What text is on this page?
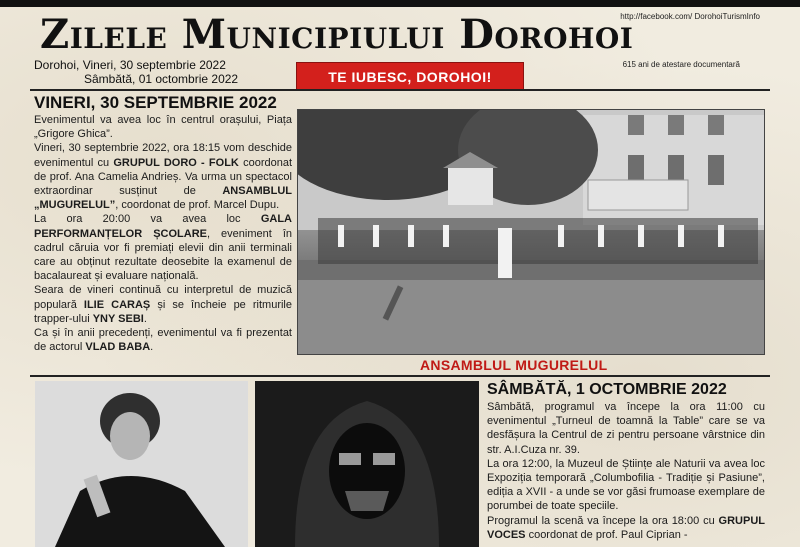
Zilele Municipiului Dorohoi
http://facebook.com/ DorohoiTurismInfo
615 ani de atestare documentară
Dorohoi, Vineri, 30 septembrie 2022
Sâmbătă, 01 octombrie 2022	TE IUBESC, DOROHOI!
VINERI, 30 SEPTEMBRIE 2022

Evenimentul va avea loc în centrul orașului, Piața „Grigore Ghica”.

Vineri, 30 septembrie 2022, ora 18:15 vom deschide evenimentul cu GRUPUL DORO - FOLK coordonat de prof. Ana Camelia Andrieș. Va urma un spectacol extraordinar susținut de ANSAMBLUL „MUGURELUL”, coordonat de prof. Marcel Dupu.

La ora 20:00 va avea loc GALA PERFORMANȚELOR ȘCOLARE, eveniment în cadrul căruia vor fi premiați elevii din anii terminali care au obținut rezultate deosebite la examenul de bacalaureat și evaluare națională.

Seara de vineri continuă cu interpretul de muzică populară ILIE CARAȘ și se încheie pe ritmurile trapper-ului YNY SEBI.

Ca și în anii precedenți, evenimentul va fi prezentat de actorul VLAD BABA.

ANSAMBLUL MUGURELUL
SÂMBĂTĂ, 1 OCTOMBRIE 2022

Sâmbătă, programul va începe la ora 11:00 cu evenimentul „Turneul de toamnă la Table” care se va desfășura la Centrul de zi pentru persoane vârstnice din str. A.I.Cuza nr. 39.

La ora 12:00, la Muzeul de Științe ale Naturii va avea loc Expoziția temporară „Columbofilia - Tradiție și Pasiune”, ediția a XVII - a unde se vor găsi frumoase exemplare de porumbei de toate speciile.

Programul la scenă va începe la ora 18:00 cu GRUPUL VOCES coordonat de prof. Paul Ciprian -
